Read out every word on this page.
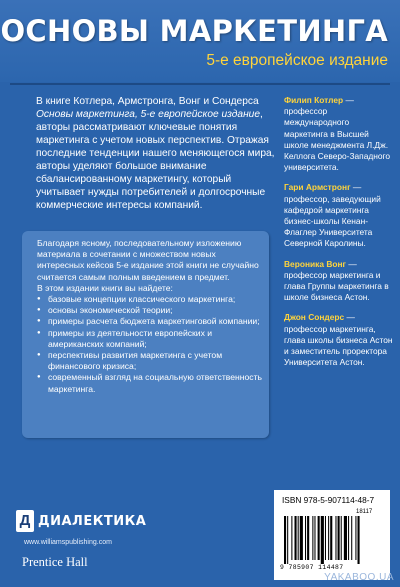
ОСНОВЫ МАРКЕТИНГА
5-е европейское издание
В книге Котлера, Армстронга, Вонг и Сондерса Основы маркетинга, 5-е европейское издание, авторы рассматривают ключевые понятия маркетинга с учетом новых перспектив. Отражая последние тенденции нашего меняющегося мира, авторы уделяют большое внимание сбалансированному маркетингу, который учитывает нужды потребителей и долгосрочные коммерческие интересы компаний.
Филип Котлер — профессор международного маркетинга в Высшей школе менеджмента Л.Дж. Келлога Северо-Западного университета.
Гари Армстронг — профессор, заведующий кафедрой маркетинга бизнес-школы Кенан-Флаглер Университета Северной Каролины.
Вероника Вонг — профессор маркетинга и глава Группы маркетинга в школе бизнеса Астон.
Джон Сондерс — профессор маркетинга, глава школы бизнеса Астон и заместитель проректора Университета Астон.

Благодаря ясному, последовательному изложению материала в сочетании с множеством новых интересных кейсов 5-е издание этой книги не случайно считается самым полным введением в предмет.

В этом издании книги вы найдете:

● базовые концепции классического маркетинга;
● основы экономической теории;
● примеры расчета бюджета маркетинговой компании;
● примеры из деятельности европейских и американских компаний;
● перспективы развития маркетинга с учетом финансового кризиса;
● современный взгляд на социальную ответственность маркетинга.
Д ДИАЛЕКТИКА
www.williamspublishing.com
Prentice Hall
ISBN 978-5-907114-48-7
18117
9 785907 114487
YAKABOO.UA
